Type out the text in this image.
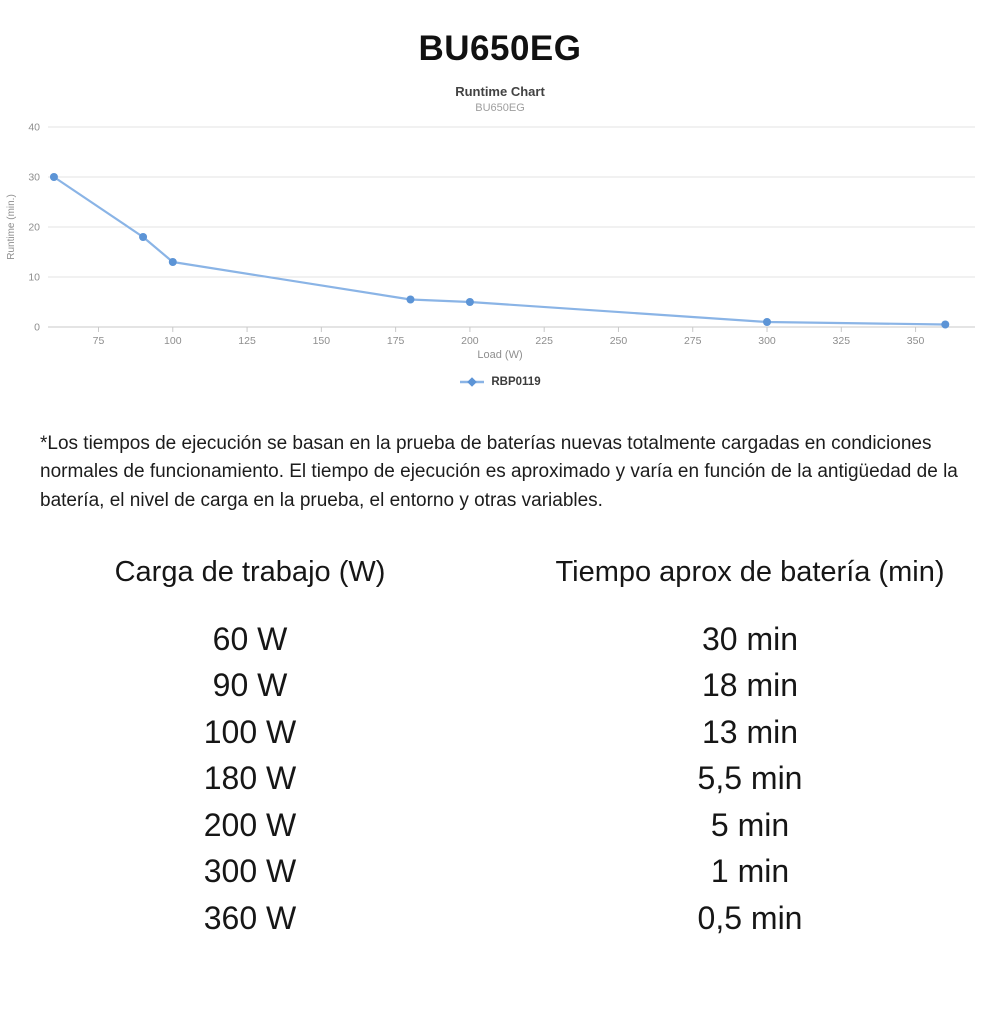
BU650EG
Runtime Chart
BU650EG
0
10
20
30
40
75	100	125	150	175	200	225	250	275	300	325	350
Runtime (min.)
Load (W)
RBP0119

*Los tiempos de ejecución se basan en la prueba de baterías nuevas totalmente cargadas en condiciones normales de funcionamiento. El tiempo de ejecución es aproximado y varía en función de la antigüedad de la batería, el nivel de carga en la prueba, el entorno y otras variables.

Carga de trabajo (W)	Tiempo aprox de batería (min)
60 W	30 min
90 W	18 min
100 W	13 min
180 W	5,5 min
200 W	5 min
300 W	1 min
360 W	0,5 min
